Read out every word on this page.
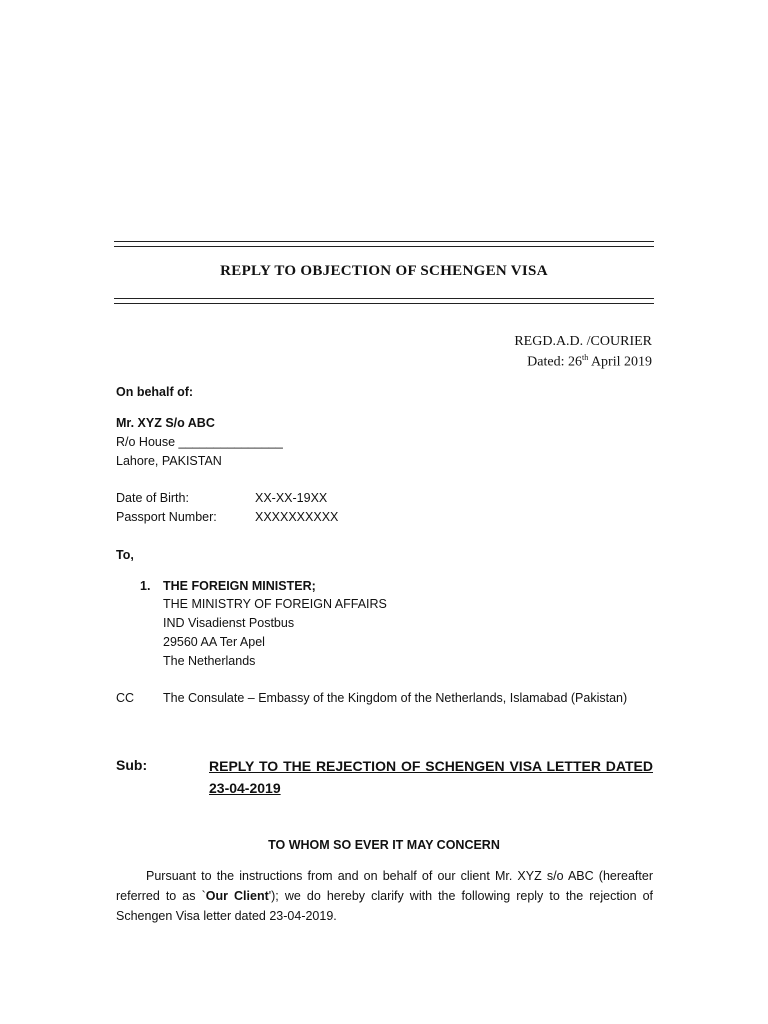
REPLY TO OBJECTION OF SCHENGEN VISA
REGD.A.D. /COURIER
Dated: 26th April 2019
On behalf of:
Mr. XYZ S/o ABC
R/o House _______________
Lahore, PAKISTAN
Date of Birth:	XX-XX-19XX
Passport Number:	XXXXXXXXXX
To,
1. THE FOREIGN MINISTER;
THE MINISTRY OF FOREIGN AFFAIRS
IND Visadienst Postbus
29560 AA Ter Apel
The Netherlands
CC The Consulate – Embassy of the Kingdom of the Netherlands, Islamabad (Pakistan)
Sub:	REPLY TO THE REJECTION OF SCHENGEN VISA LETTER DATED
23-04-2019
TO WHOM SO EVER IT MAY CONCERN
Pursuant to the instructions from and on behalf of our client Mr. XYZ s/o ABC (hereafter referred to as `Our Client'); we do hereby clarify with the following reply to the rejection of Schengen Visa letter dated 23-04-2019.
